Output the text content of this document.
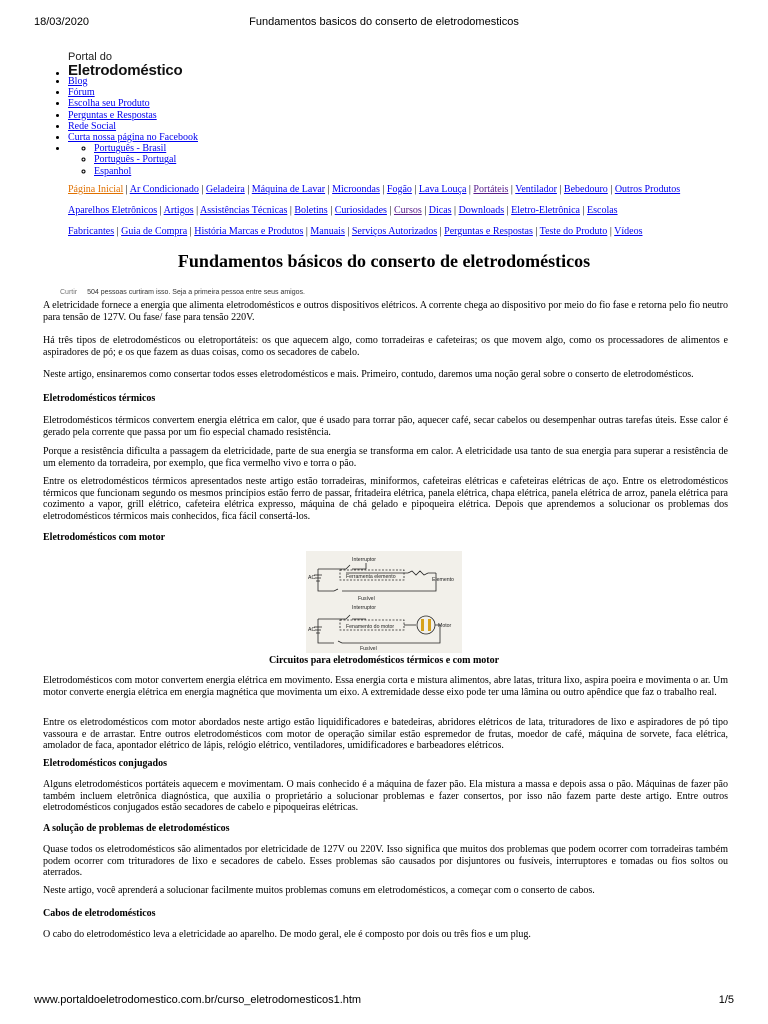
18/03/2020	Fundamentos basicos do conserto de eletrodomesticos
Portal do
Eletrodoméstico
•
• Blog
• Fórum
• Escolha seu Produto
• Perguntas e Respostas
• Rede Social
• Curta nossa página no Facebook
◦ • Português - Brasil
◦ Português - Portugal
◦ Espanhol
Página Inicial | Ar Condicionado | Geladeira | Máquina de Lavar | Microondas | Fogão | Lava Louça | Portáteis | Ventilador | Bebedouro | Outros Produtos
Aparelhos Eletrônicos | Artigos | Assistências Técnicas | Boletins | Curiosidades | Cursos | Dicas | Downloads | Eletro-Eletrônica | Escolas
Fabricantes | Guia de Compra | História Marcas e Produtos | Manuais | Serviços Autorizados | Perguntas e Respostas | Teste do Produto | Vídeos
Fundamentos básicos do conserto de eletrodomésticos
Curtir 504 pessoas curtiram isso. Seja a primeira pessoa entre seus amigos.

A eletricidade fornece a energia que alimenta eletrodomésticos e outros dispositivos elétricos. A corrente chega ao dispositivo por meio do fio fase e retorna pelo fio neutro para tensão de 127V. Ou fase/ fase para tensão 220V.

Há três tipos de eletrodomésticos ou eletroportáteis: os que aquecem algo, como torradeiras e cafeteiras; os que movem algo, como os processadores de alimentos e aspiradores de pó; e os que fazem as duas coisas, como os secadores de cabelo.

Neste artigo, ensinaremos como consertar todos esses eletrodomésticos e mais. Primeiro, contudo, daremos uma noção geral sobre o conserto de eletrodomésticos.

Eletrodomésticos térmicos

Eletrodomésticos térmicos convertem energia elétrica em calor, que é usado para torrar pão, aquecer café, secar cabelos ou desempenhar outras tarefas úteis. Esse calor é gerado pela corrente que passa por um fio especial chamado resistência.

Porque a resistência dificulta a passagem da eletricidade, parte de sua energia se transforma em calor. A eletricidade usa tanto de sua energia para superar a resistência de um elemento da torradeira, por exemplo, que fica vermelho vivo e torra o pão.

Entre os eletrodomésticos térmicos apresentados neste artigo estão torradeiras, miniformos, cafeteiras elétricas e cafeteiras elétricas de aço. Entre os eletrodomésticos térmicos que funcionam segundo os mesmos princípios estão ferro de passar, fritadeira elétrica, panela elétrica, chapa elétrica, panela elétrica de arroz, panela elétrica para cozimento a vapor, grill elétrico, cafeteira elétrica expresso, máquina de chá gelado e pipoqueira elétrica. Depois que aprendemos a solucionar os problemas dos eletrodomésticos térmicos mais conhecidos, fica fácil consertá-los.

Eletrodomésticos com motor

Interruptor
Ferramenta elemento	Elemento
Fusível
Interruptor
Fenamento do motor	Motor
Fusível
AC
AC
Circuitos para eletrodomésticos térmicos e com motor

Eletrodomésticos com motor convertem energia elétrica em movimento. Essa energia corta e mistura alimentos, abre latas, tritura lixo, aspira poeira e movimenta o ar. Um motor converte energia elétrica em energia magnética que movimenta um eixo. A extremidade desse eixo pode ter uma lâmina ou outro apêndice que faz o trabalho real.

Entre os eletrodomésticos com motor abordados neste artigo estão liquidificadores e batedeiras, abridores elétricos de lata, trituradores de lixo e aspiradores de pó tipo vassoura e de arrastar. Entre outros eletrodomésticos com motor de operação similar estão espremedor de frutas, moedor de café, máquina de sorvete, faca elétrica, amolador de faca, apontador elétrico de lápis, relógio elétrico, ventiladores, umidificadores e barbeadores elétricos.

Eletrodomésticos conjugados

Alguns eletrodomésticos portáteis aquecem e movimentam. O mais conhecido é a máquina de fazer pão. Ela mistura a massa e depois assa o pão. Máquinas de fazer pão também incluem eletrônica diagnóstica, que auxilia o proprietário a solucionar problemas e fazer consertos, por isso não fazem parte deste artigo. Entre outros eletrodomésticos conjugados estão secadores de cabelo e pipoqueiras elétricas.

A solução de problemas de eletrodomésticos

Quase todos os eletrodomésticos são alimentados por eletricidade de 127V ou 220V. Isso significa que muitos dos problemas que podem ocorrer com torradeiras também podem ocorrer com trituradores de lixo e secadores de cabelo. Esses problemas são causados por disjuntores ou fusíveis, interruptores e tomadas ou fios soltos ou aterrados.

Neste artigo, você aprenderá a solucionar facilmente muitos problemas comuns em eletrodomésticos, a começar com o conserto de cabos.

Cabos de eletrodomésticos

O cabo do eletrodoméstico leva a eletricidade ao aparelho. De modo geral, ele é composto por dois ou três fios e um plug.

www.portaldoeletrodomestico.com.br/curso_eletrodomesticos1.htm	1/5
